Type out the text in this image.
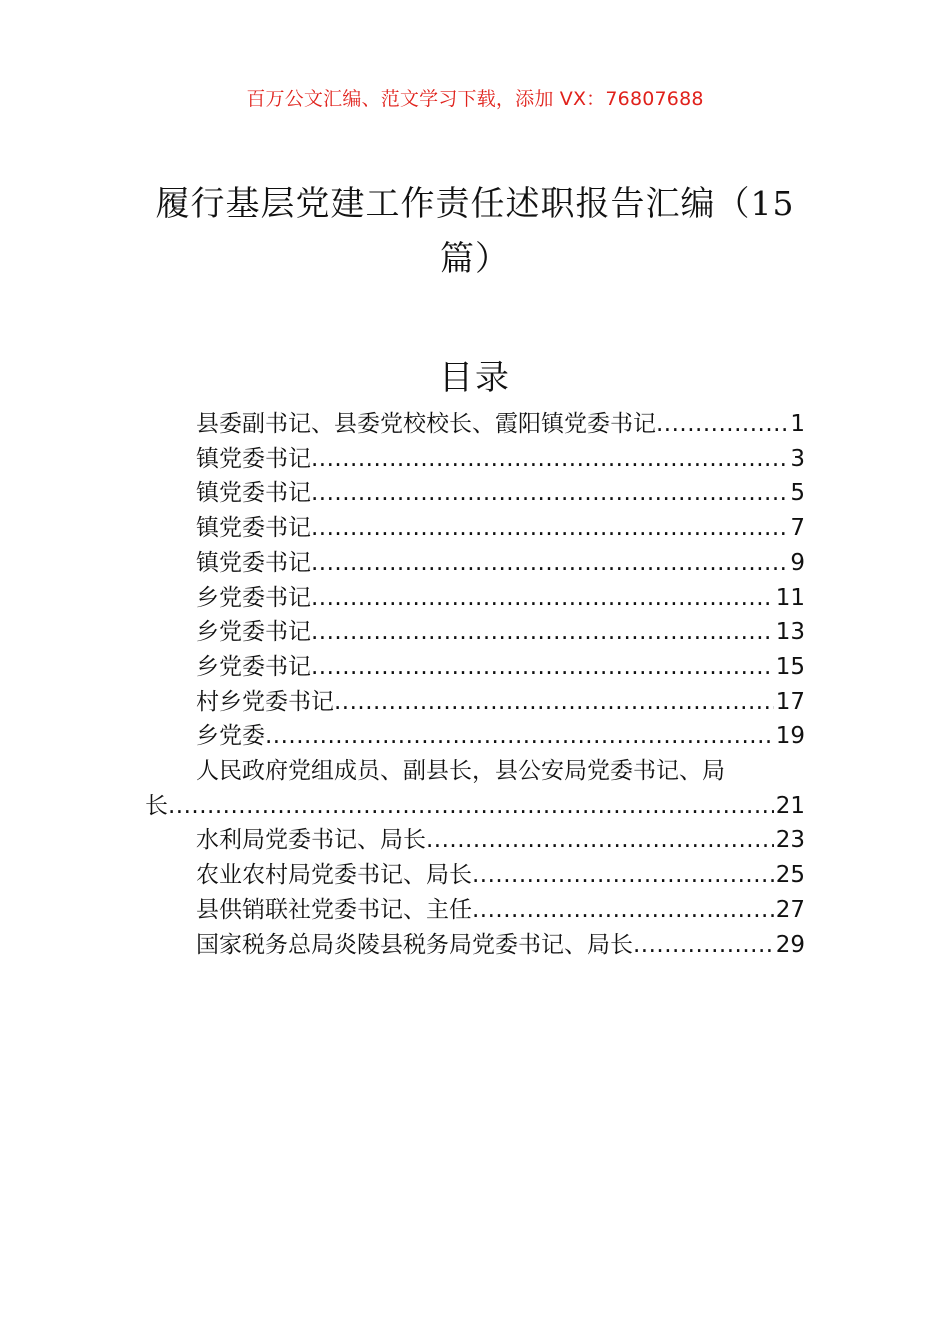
百万公文汇编、范文学习下载，添加 VX：76807688
履行基层党建工作责任述职报告汇编（15
篇）
目录
县委副书记、县委党校校长、霞阳镇党委书记 .....	1
镇党委书记 .....	3
镇党委书记 .....	5
镇党委书记 .....	7
镇党委书记 .....	9
乡党委书记 .....	11
乡党委书记 .....	13
乡党委书记 .....	15
村乡党委书记 .....	17
乡党委 .....	19
人民政府党组成员、副县长，县公安局党委书记、局
长 .....	21
水利局党委书记、局长 .....	23
农业农村局党委书记、局长 .....	25
县供销联社党委书记、主任 .....	27
国家税务总局炎陵县税务局党委书记、局长 .....	29
